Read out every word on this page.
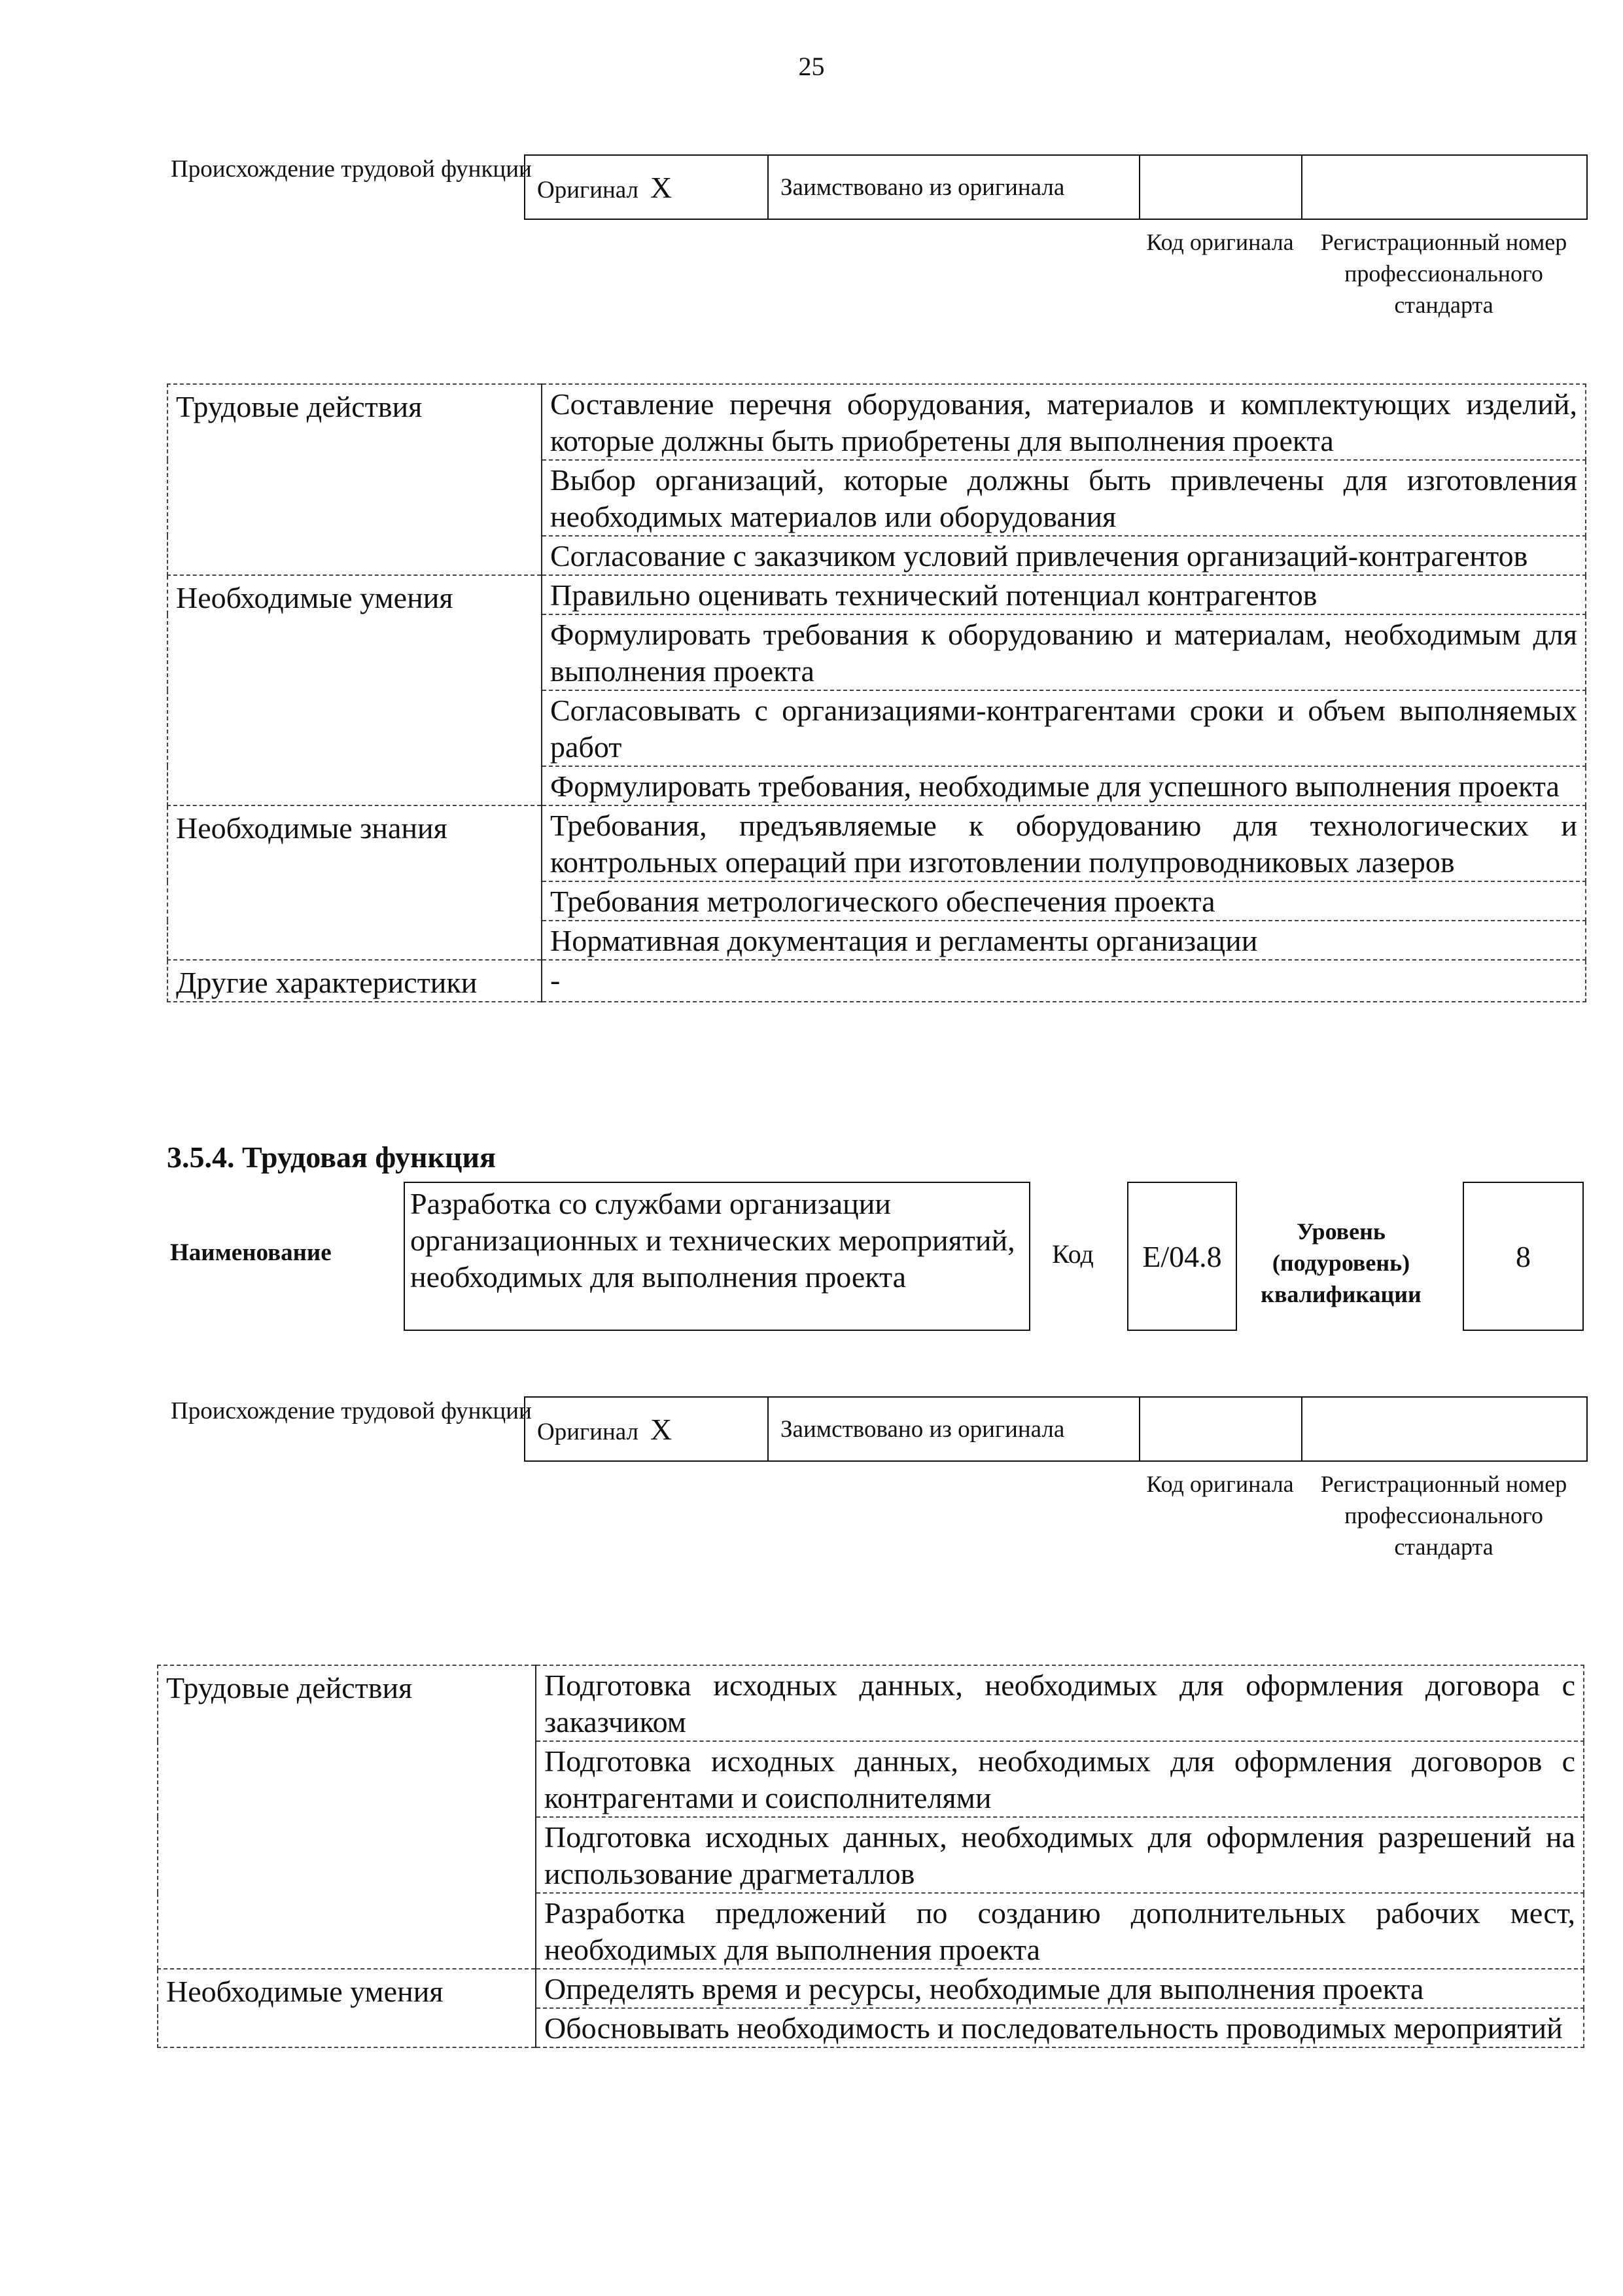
25
Происхождение трудовой функции
Оригинал X	Заимствовано из оригинала		
Код оригинала	Регистрационный номер профессионального стандарта
Трудовые действия	Составление перечня оборудования, материалов и комплектующих изделий, которые должны быть приобретены для выполнения проекта
	Выбор организаций, которые должны быть привлечены для изготовления необходимых материалов или оборудования
	Согласование с заказчиком условий привлечения организаций-контрагентов
Необходимые умения	Правильно оценивать технический потенциал контрагентов
	Формулировать требования к оборудованию и материалам, необходимым для выполнения проекта
	Согласовывать с организациями-контрагентами сроки и объем выполняемых работ
	Формулировать требования, необходимые для успешного выполнения проекта
Необходимые знания	Требования, предъявляемые к оборудованию для технологических и контрольных операций при изготовлении полупроводниковых лазеров
	Требования метрологического обеспечения проекта
	Нормативная документация и регламенты организации
Другие характеристики	-
3.5.4. Трудовая функция
Наименование
Разработка со службами организации организационных и технических мероприятий, необходимых для выполнения проекта
Код	E/04.8
Уровень (подуровень) квалификации
8
Происхождение трудовой функции
Оригинал X	Заимствовано из оригинала		
Код оригинала	Регистрационный номер профессионального стандарта
Трудовые действия	Подготовка исходных данных, необходимых для оформления договора с заказчиком
	Подготовка исходных данных, необходимых для оформления договоров с контрагентами и соисполнителями
	Подготовка исходных данных, необходимых для оформления разрешений на использование драгметаллов
	Разработка предложений по созданию дополнительных рабочих мест, необходимых для выполнения проекта
Необходимые умения	Определять время и ресурсы, необходимые для выполнения проекта
	Обосновывать необходимость и последовательность проводимых мероприятий
